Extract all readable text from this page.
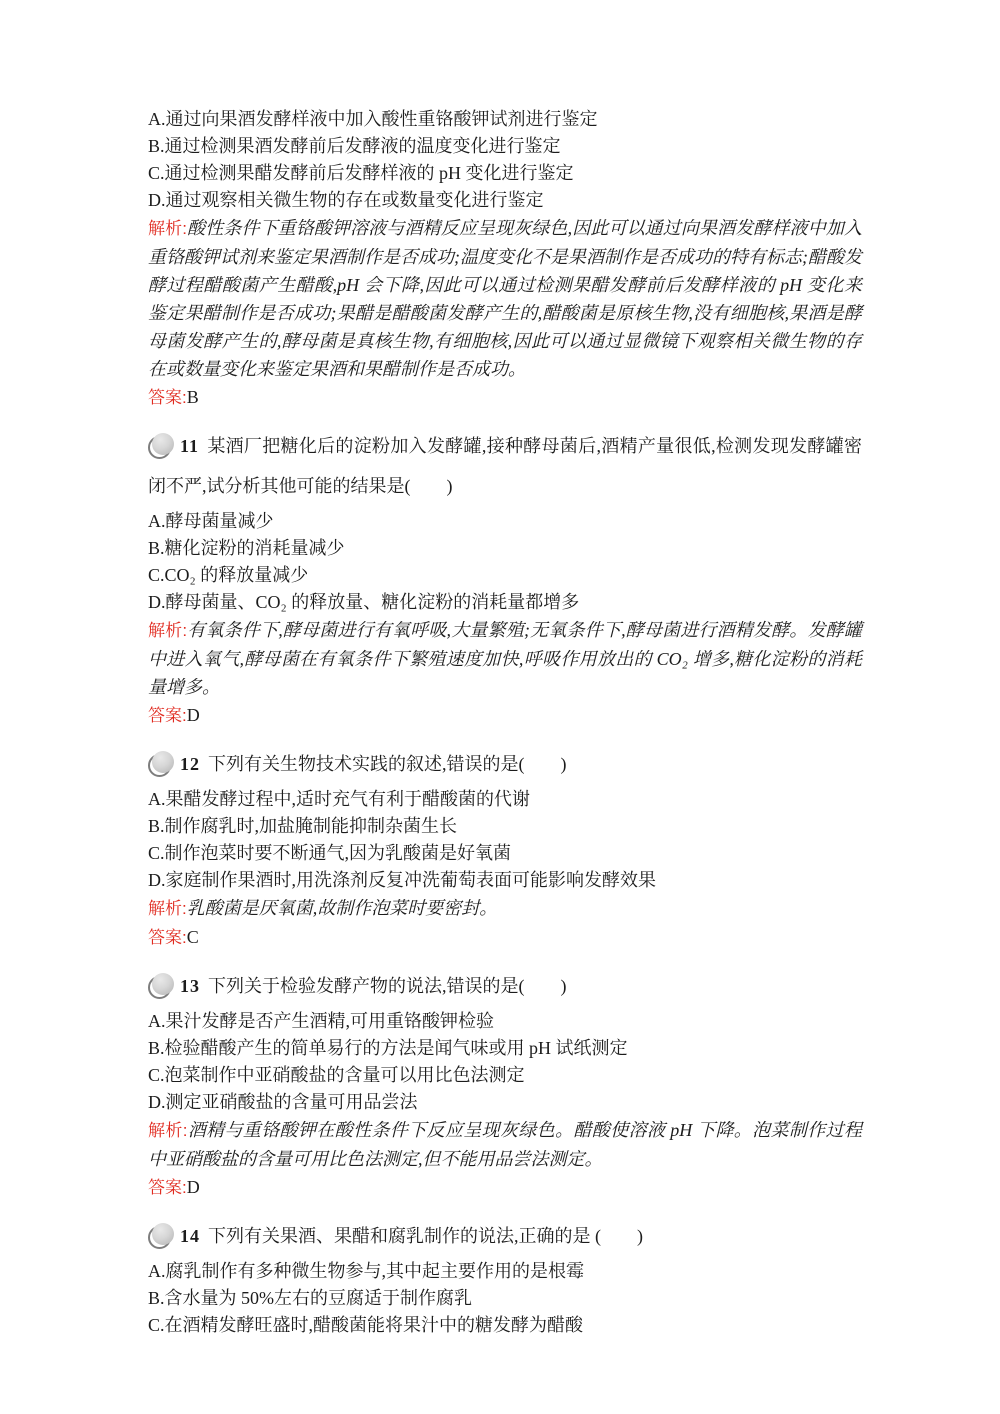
A.通过向果酒发酵样液中加入酸性重铬酸钾试剂进行鉴定

B.通过检测果酒发酵前后发酵液的温度变化进行鉴定

C.通过检测果醋发酵前后发酵样液的 pH 变化进行鉴定

D.通过观察相关微生物的存在或数量变化进行鉴定

解析:酸性条件下重铬酸钾溶液与酒精反应呈现灰绿色,因此可以通过向果酒发酵样液中加入重铬酸钾试剂来鉴定果酒制作是否成功;温度变化不是果酒制作是否成功的特有标志;醋酸发酵过程醋酸菌产生醋酸,pH 会下降,因此可以通过检测果醋发酵前后发酵样液的 pH 变化来鉴定果醋制作是否成功;果醋是醋酸菌发酵产生的,醋酸菌是原核生物,没有细胞核,果酒是酵母菌发酵产生的,酵母菌是真核生物,有细胞核,因此可以通过显微镜下观察相关微生物的存在或数量变化来鉴定果酒和果醋制作是否成功。

答案:B

11 某酒厂把糖化后的淀粉加入发酵罐,接种酵母菌后,酒精产量很低,检测发现发酵罐密闭不严,试分析其他可能的结果是(　　)

A.酵母菌量减少

B.糖化淀粉的消耗量减少

C.CO₂ 的释放量减少

D.酵母菌量、CO₂ 的释放量、糖化淀粉的消耗量都增多

解析:有氧条件下,酵母菌进行有氧呼吸,大量繁殖;无氧条件下,酵母菌进行酒精发酵。发酵罐中进入氧气,酵母菌在有氧条件下繁殖速度加快,呼吸作用放出的 CO₂ 增多,糖化淀粉的消耗量增多。

答案:D

12 下列有关生物技术实践的叙述,错误的是(　　)

A.果醋发酵过程中,适时充气有利于醋酸菌的代谢

B.制作腐乳时,加盐腌制能抑制杂菌生长

C.制作泡菜时要不断通气,因为乳酸菌是好氧菌

D.家庭制作果酒时,用洗涤剂反复冲洗葡萄表面可能影响发酵效果

解析:乳酸菌是厌氧菌,故制作泡菜时要密封。

答案:C

13 下列关于检验发酵产物的说法,错误的是(　　)

A.果汁发酵是否产生酒精,可用重铬酸钾检验

B.检验醋酸产生的简单易行的方法是闻气味或用 pH 试纸测定

C.泡菜制作中亚硝酸盐的含量可以用比色法测定

D.测定亚硝酸盐的含量可用品尝法

解析:酒精与重铬酸钾在酸性条件下反应呈现灰绿色。醋酸使溶液 pH 下降。泡菜制作过程中亚硝酸盐的含量可用比色法测定,但不能用品尝法测定。

答案:D

14 下列有关果酒、果醋和腐乳制作的说法,正确的是 (　　)

A.腐乳制作有多种微生物参与,其中起主要作用的是根霉

B.含水量为 50%左右的豆腐适于制作腐乳

C.在酒精发酵旺盛时,醋酸菌能将果汁中的糖发酵为醋酸
